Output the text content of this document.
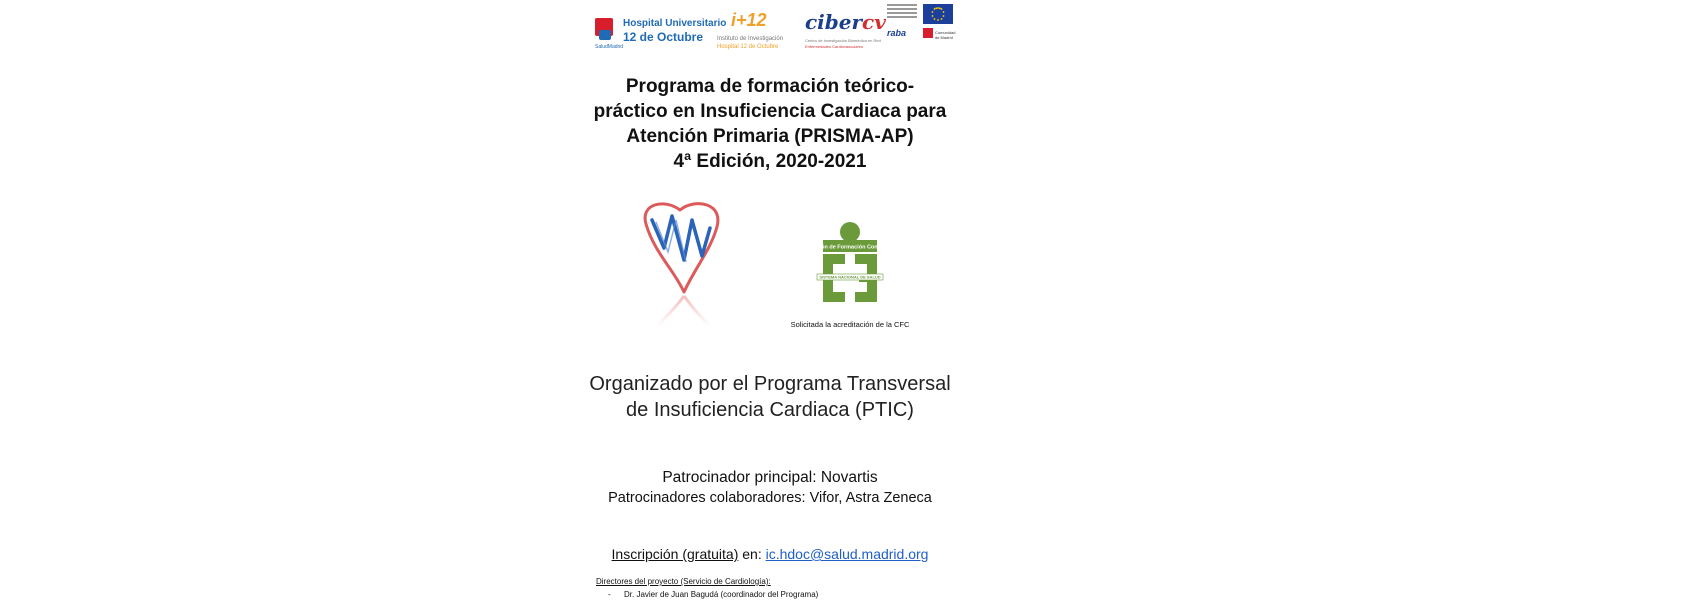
Hospital Universitario
12 de Octubre
SaludMadrid
i+12
Instituto de Investigación
Hospital 12 de Octubre
cibercv
Centro de Investigación Biomédica en Red
Enfermedades Cardiovasculares
raba	Comunidad de Madrid
Programa de formación teórico-
práctico en Insuficiencia Cardiaca para
Atención Primaria (PRISMA-AP)
4ª Edición, 2020-2021
Comisión de Formación Continuada
SISTEMA NACIONAL DE SALUD
Solicitada la acreditación de la CFC
Organizado por el Programa Transversal
de Insuficiencia Cardiaca (PTIC)
Patrocinador principal: Novartis
Patrocinadores colaboradores: Vifor, Astra Zeneca
Inscripción (gratuita) en: ic.hdoc@salud.madrid.org
Directores del proyecto (Servicio de Cardiología):
- Dr. Javier de Juan Bagudá (coordinador del Programa)
